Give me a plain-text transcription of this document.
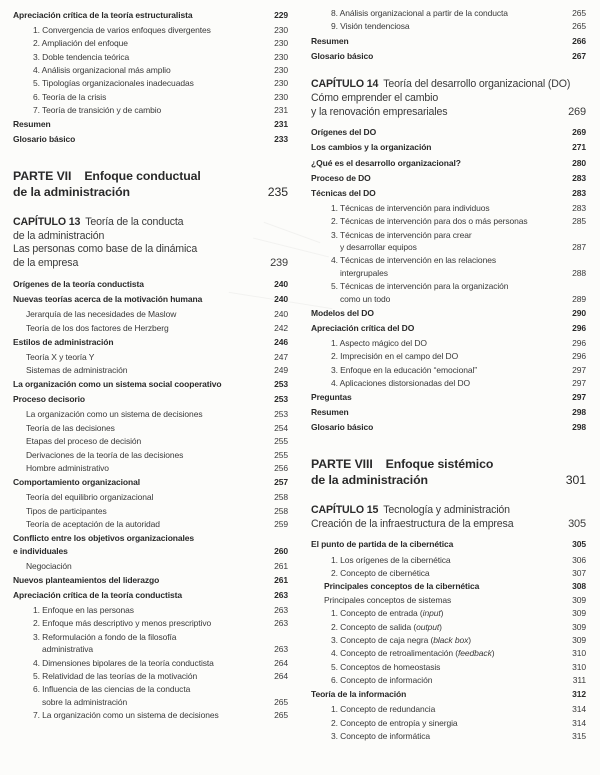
Apreciación crítica de la teoría estructuralista	229
1. Convergencia de varios enfoques divergentes	230
2. Ampliación del enfoque	230
3. Doble tendencia teórica	230
4. Análisis organizacional más amplio	230
5. Tipologías organizacionales inadecuadas	230
6. Teoría de la crisis	230
7. Teoría de transición y de cambio	231
Resumen	231
Glosario básico	233
PARTE VII Enfoque conductual
de la administración	235
CAPÍTULO 13 Teoría de la conducta
de la administración
Las personas como base de la dinámica
de la empresa	239
Orígenes de la teoría conductista	240
Nuevas teorías acerca de la motivación humana	240
Jerarquía de las necesidades de Maslow	240
Teoría de los dos factores de Herzberg	242
Estilos de administración	246
Teoría X y teoría Y	247
Sistemas de administración	249
La organización como un sistema social cooperativo	253
Proceso decisorio	253
La organización como un sistema de decisiones	253
Teoría de las decisiones	254
Etapas del proceso de decisión	255
Derivaciones de la teoría de las decisiones	255
Hombre administrativo	256
Comportamiento organizacional	257
Teoría del equilibrio organizacional	258
Tipos de participantes	258
Teoría de aceptación de la autoridad	259
Conflicto entre los objetivos organizacionales
e individuales	260
Negociación	261
Nuevos planteamientos del liderazgo	261
Apreciación crítica de la teoría conductista	263
1. Enfoque en las personas	263
2. Enfoque más descriptivo y menos prescriptivo	263
3. Reformulación a fondo de la filosofía
administrativa	263
4. Dimensiones bipolares de la teoría conductista	264
5. Relatividad de las teorías de la motivación	264
6. Influencia de las ciencias de la conducta
sobre la administración	265
7. La organización como un sistema de decisiones	265
8. Análisis organizacional a partir de la conducta	265
9. Visión tendenciosa	265
Resumen	266
Glosario básico	267
CAPÍTULO 14 Teoría del desarrollo organizacional (DO)
Cómo emprender el cambio
y la renovación empresariales	269
Orígenes del DO	269
Los cambios y la organización	271
¿Qué es el desarrollo organizacional?	280
Proceso de DO	283
Técnicas del DO	283
1. Técnicas de intervención para individuos	283
2. Técnicas de intervención para dos o más personas	285
3. Técnicas de intervención para crear
y desarrollar equipos	287
4. Técnicas de intervención en las relaciones
intergrupales	288
5. Técnicas de intervención para la organización
como un todo	289
Modelos del DO	290
Apreciación crítica del DO	296
1. Aspecto mágico del DO	296
2. Imprecisión en el campo del DO	296
3. Enfoque en la educación “emocional”	297
4. Aplicaciones distorsionadas del DO	297
Preguntas	297
Resumen	298
Glosario básico	298
PARTE VIII Enfoque sistémico
de la administración	301
CAPÍTULO 15 Tecnología y administración
Creación de la infraestructura de la empresa	305
El punto de partida de la cibernética	305
1. Los orígenes de la cibernética	306
2. Concepto de cibernética	307
Principales conceptos de la cibernética	308
Principales conceptos de sistemas	309
1. Concepto de entrada (input)	309
2. Concepto de salida (output)	309
3. Concepto de caja negra (black box)	309
4. Concepto de retroalimentación (feedback)	310
5. Conceptos de homeostasis	310
6. Concepto de información	311
Teoría de la información	312
1. Concepto de redundancia	314
2. Concepto de entropía y sinergia	314
3. Concepto de informática	315
